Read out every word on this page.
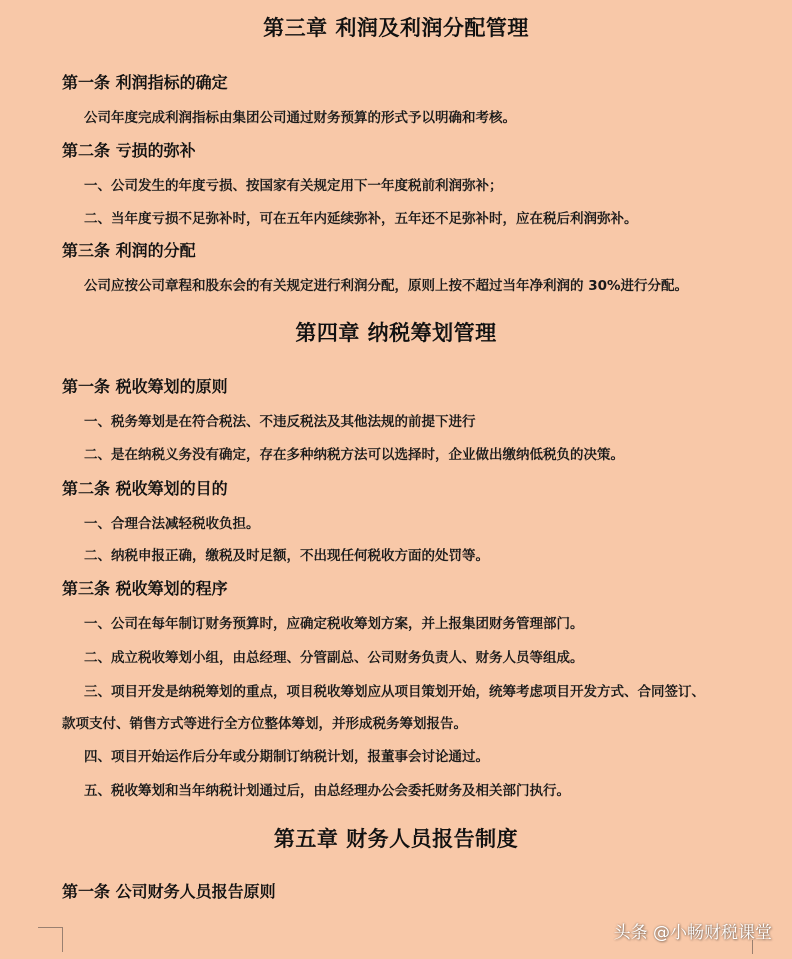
第三章 利润及利润分配管理
第一条 利润指标的确定
公司年度完成利润指标由集团公司通过财务预算的形式予以明确和考核。
第二条 亏损的弥补
一、公司发生的年度亏损、按国家有关规定用下一年度税前利润弥补；
二、当年度亏损不足弥补时，可在五年内延续弥补，五年还不足弥补时，应在税后利润弥补。
第三条 利润的分配
公司应按公司章程和股东会的有关规定进行利润分配，原则上按不超过当年净利润的 30%进行分配。
第四章 纳税筹划管理
第一条 税收筹划的原则
一、税务筹划是在符合税法、不违反税法及其他法规的前提下进行
二、是在纳税义务没有确定，存在多种纳税方法可以选择时，企业做出缴纳低税负的决策。
第二条 税收筹划的目的
一、合理合法减轻税收负担。
二、纳税申报正确，缴税及时足额，不出现任何税收方面的处罚等。
第三条 税收筹划的程序
一、公司在每年制订财务预算时，应确定税收筹划方案，并上报集团财务管理部门。
二、成立税收筹划小组，由总经理、分管副总、公司财务负责人、财务人员等组成。
三、项目开发是纳税筹划的重点，项目税收筹划应从项目策划开始，统筹考虑项目开发方式、合同签订、
款项支付、销售方式等进行全方位整体筹划，并形成税务筹划报告。
四、项目开始运作后分年或分期制订纳税计划，报董事会讨论通过。
五、税收筹划和当年纳税计划通过后，由总经理办公会委托财务及相关部门执行。
第五章 财务人员报告制度
第一条 公司财务人员报告原则
头条 @小畅财税课堂
